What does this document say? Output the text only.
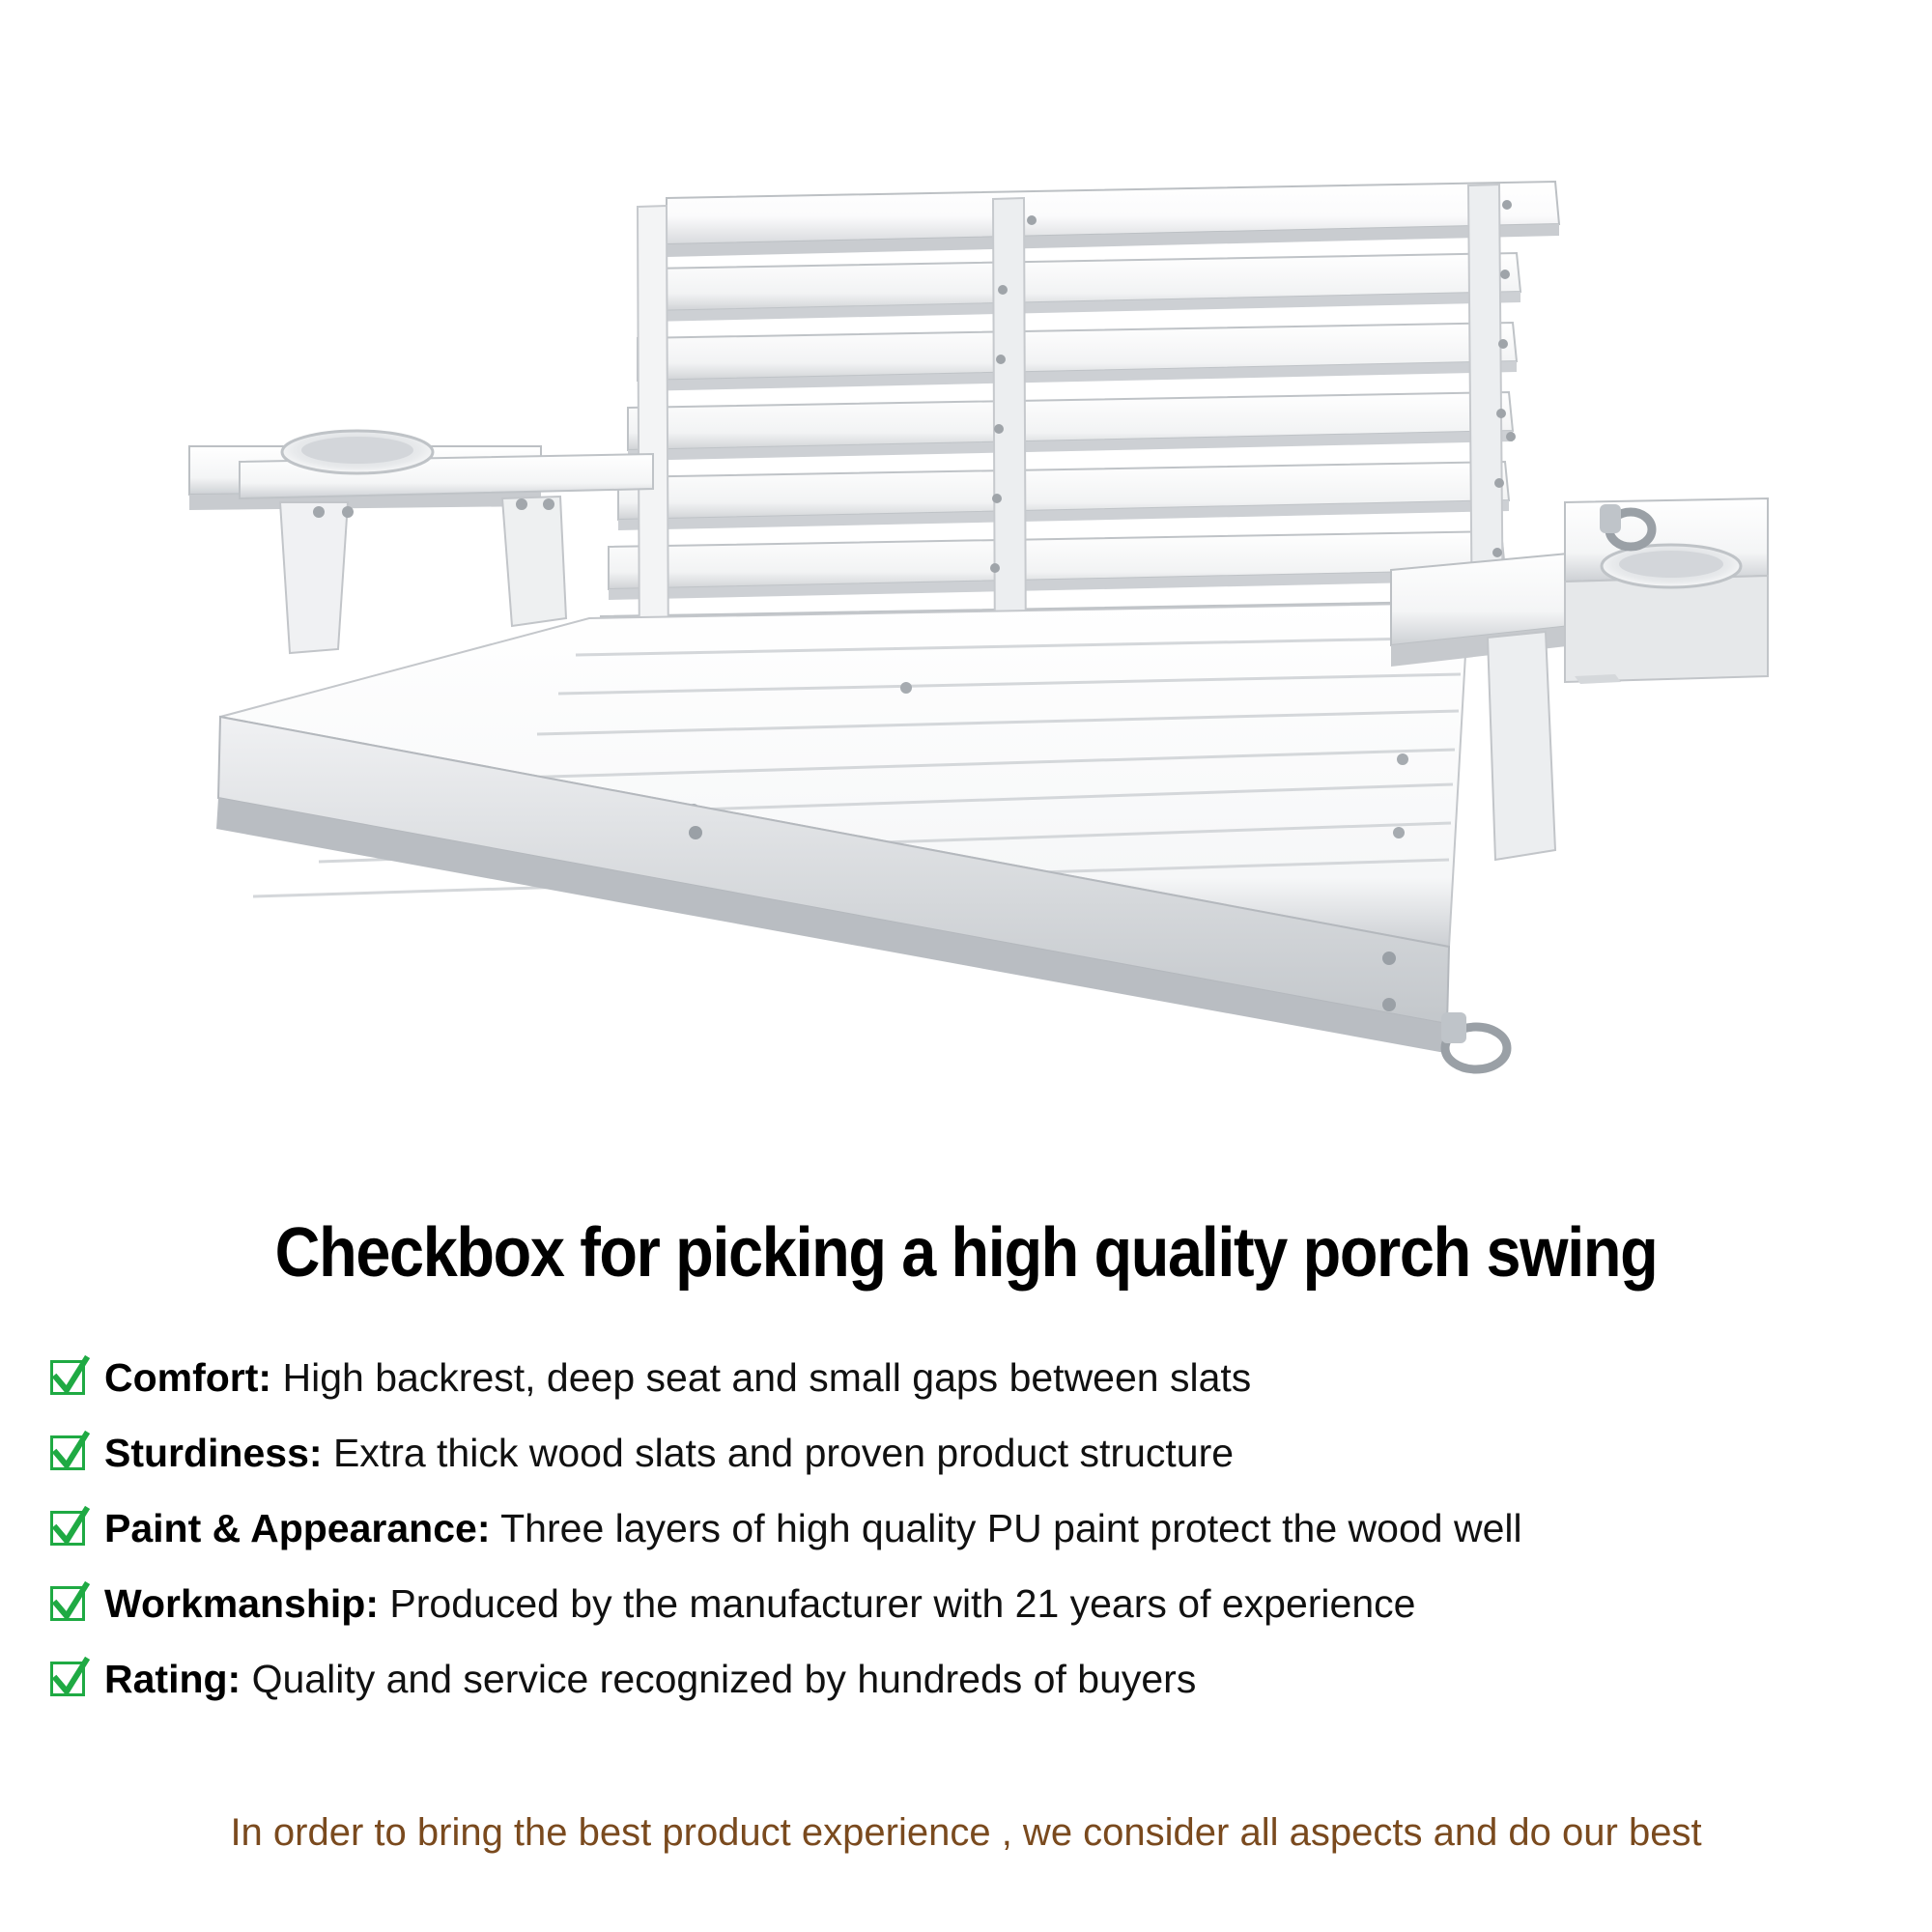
Checkbox for picking a high quality porch swing
Comfort: High backrest, deep seat and small gaps between slats
Sturdiness: Extra thick wood slats and proven product structure
Paint & Appearance: Three layers of high quality PU paint protect the wood well
Workmanship: Produced by the manufacturer with 21 years of experience
Rating: Quality and service recognized by hundreds of buyers
In order to bring the best product experience , we consider all aspects and do our best
